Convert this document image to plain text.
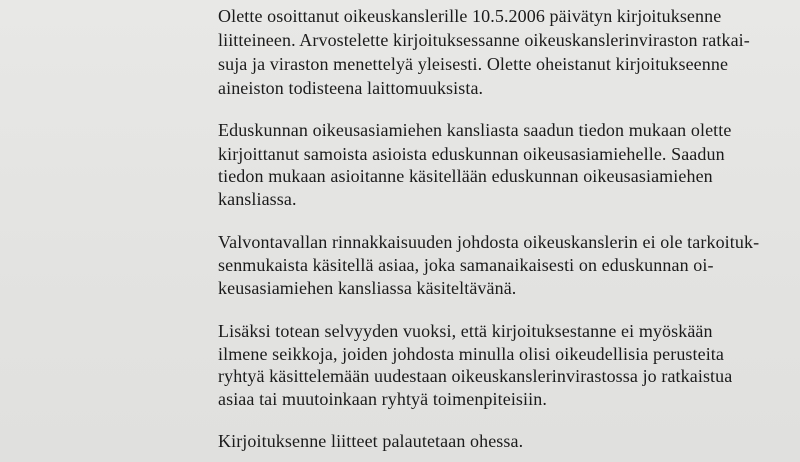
Olette osoittanut oikeuskanslerille 10.5.2006 päivätyn kirjoituksenne
liitteineen. Arvostelette kirjoituksessanne oikeuskanslerinviraston ratkai-
suja ja viraston menettelyä yleisesti. Olette oheistanut kirjoitukseenne
aineiston todisteena laittomuuksista.
Eduskunnan oikeusasiamiehen kansliasta saadun tiedon mukaan olette
kirjoittanut samoista asioista eduskunnan oikeusasiamiehelle. Saadun
tiedon mukaan asioitanne käsitellään eduskunnan oikeusasiamiehen
kansliassa.
Valvontavallan rinnakkaisuuden johdosta oikeuskanslerin ei ole tarkoituk-
senmukaista käsitellä asiaa, joka samanaikaisesti on eduskunnan oi-
keusasiamiehen kansliassa käsiteltävänä.
Lisäksi totean selvyyden vuoksi, että kirjoituksestanne ei myöskään
ilmene seikkoja, joiden johdosta minulla olisi oikeudellisia perusteita
ryhtyä käsittelemään uudestaan oikeuskanslerinvirastossa jo ratkaistua
asiaa tai muutoinkaan ryhtyä toimenpiteisiin.
Kirjoituksenne liitteet palautetaan ohessa.
